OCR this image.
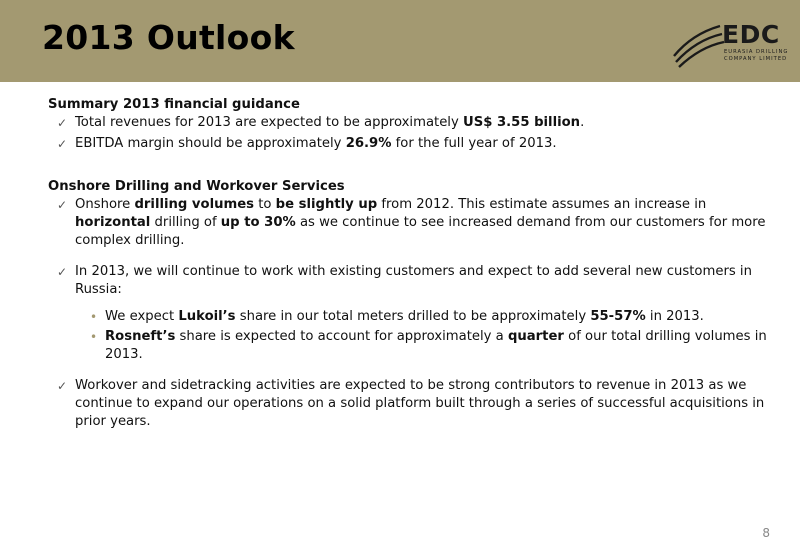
2013 Outlook	EDC
EURASIA DRILLING
COMPANY LIMITED

Summary 2013 financial guidance

✓ Total revenues for 2013 are expected to be approximately US$ 3.55 billion.

✓ EBITDA margin should be approximately 26.9% for the full year of 2013.

Onshore Drilling and Workover Services

✓ Onshore drilling volumes to be slightly up from 2012. This estimate assumes an increase in horizontal drilling of up to 30% as we continue to see increased demand from our customers for more complex drilling.

✓ In 2013, we will continue to work with existing customers and expect to add several new customers in Russia:

• We expect Lukoil’s share in our total meters drilled to be approximately 55-57% in 2013.

• Rosneft’s share is expected to account for approximately a quarter of our total drilling volumes in 2013.

✓ Workover and sidetracking activities are expected to be strong contributors to revenue in 2013 as we continue to expand our operations on a solid platform built through a series of successful acquisitions in prior years.

8
